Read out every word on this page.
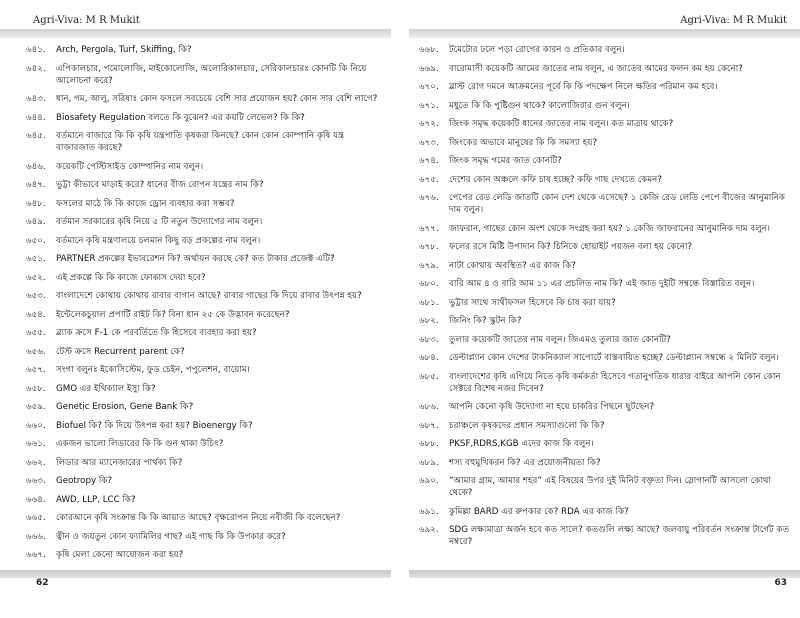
Agri-Viva: M R Mukit
৬৪১. Arch, Pergola, Turf, Skiffing, কি?
৬৪২. এপিকালচার, পমোলোজি, মাইকোলোজি, অলোরিকালচার, সেরিকালচারঃ কোনটি কি নিয়ে আলোচনা করে?
৬৪৩. ধান, গম, আলু, সরিষাঃ কোন ফসলে সবচেয়ে বেশি সার প্রয়োজন হয়? কোন সার বেশি লাগে?
৬৪৪. Biosafety Regulation বলতে কি বুঝেন? এর কয়টি লেভেল? কি কি?
৬৪৫. বর্তমানে বাজারে কি কি কৃষি যন্ত্রপাতি কৃষকরা কিনছে? কোন কোন কোম্পানি কৃষি যন্ত্র বাজারজাত করছে?
৬৪৬. কয়েকটি পেস্টিসাইড কোম্পানির নাম বলুন।
৬৪৭. ভুট্টা কীভাবে মাড়াই করে? ধানের বীজ রোপন যন্ত্রের নাম কি?
৬৪৮. ফসলের মাঠে কি কি কাজে ড্রোন ব্যবহার করা সম্ভব?
৬৪৯. বর্তমান সরকারের কৃষি নিয়ে ৫ টি নতুন উদ্যোগের নাম বলুন।
৬৫০. বর্তমানে কৃষি মন্ত্রণালয়ে চলমান কিছু বড় প্রকল্পের নাম বলুন।
৬৫১. PARTNER প্রকল্পের ইভাবরেশন কি? অর্থায়ন করছে কে? কত টাকার প্রজেক্ট এটি?
৬৫২. এই প্রকল্পে কি কি কাজে ফোকাস দেয়া হবে?
৬৫৩. বাংলাদেশে কোথায় কোথায় রাবার বাগান আছে? রাবার গাছের কি দিয়ে রাবার উৎপন্ন হয়?
৬৫৪. ইন্টেলেকচুয়াল প্রপার্টি রাইট কি? বিনা ধান ২৫ কে উদ্ভাবন করেছেন?
৬৫৫. ব্ল্যাক ক্রসে F-1 কে পরবর্তিতে কি হিসেবে ব্যবহার করা হয়?
৬৫৬. টেস্ট ক্রসে Recurrent parent কে?
৬৫৭. সংগা বলুনঃ ইকোসিস্টেম, ফুড চেইন, পপুলেশন, বায়োম।
৬৫৮. GMO এর ইথিক্যাল ইস্যু কি?
৬৫৯. Genetic Erosion, Gene Bank কি?
৬৬০. Biofuel কি? কি দিয়ে উৎপন্ন করা হয়? Bioenergy কি?
৬৬১. একজন ভালো লিডারের কি কি গুন থাকা উচিৎ?
৬৬২. লিডার আর ম্যানেজারের পার্থক্য কি?
৬৬৩. Geotropy কি?
৬৬৪. AWD, LLP, LCC কি?
৬৬৫. কোরআনে কৃষি সংক্রান্ত কি কি আয়াত আছে? বৃক্ষরোপন নিয়ে নবীজী কি বলেছেন?
৬৬৬. ত্বীন ও জয়তুন কোন ফ্যামিলির গাছ? এই গাছ কি কি উপকার করে?
৬৬৭. কৃষি মেলা কেনো আয়োজন করা হয়?
62
Agri-Viva: M R Mukit
৬৬৮. টমেটোর ঢলে পড়া রোগের কারন ও প্রতিকার বলুন।
৬৬৯. বারোমাসী কয়েকটি আমের জাতের নাম বলুন, এ জাতের আমের ফলন কম হয় কেনো?
৬৭০. ব্লাস্ট রোগ দমনে আক্রমনের পূর্বে কি কি পদক্ষেপ নিলে ক্ষতির পরিমান কম হবে।
৬৭১. মধুতে কি কি পুষ্টিগুন থাকে? কালোজিরার গুন বলুন।
৬৭২. জিংক সমৃদ্ধ কয়েকটি ধানের জাতের নাম বলুন। কত মাত্রায় থাকে?
৬৭৩. জিংকের অভাবে মানুষের কি কি সমস্যা হয়?
৬৭৪. জিংক সমৃদ্ধ গমের জাত কোনটি?
৬৭৫. দেশের কোন অঞ্চলে কফি চাষ হচ্ছে? কফি গাছ দেখতে কেমন?
৬৭৬. পেপের রেড লেডি জাতটি কোন দেশ থেকে এসেছে? ১ কেজি রেড লেডি পেপে বীজের আনুমানিক দাম বলুন।
৬৭৭. জাফরান, গাছের কোন অংশ থেকে সংগ্রহ করা হয়? ১ কেজি জাফরানের আনুমানিক দাম বলুন।
৬৭৮. ফলের রসে মিষ্টি উপাদান কি? চিনিকে হোয়াইট পয়জন বলা হয় কেনো?
৬৭৯. নাটা কোথায় অবস্থিত? এর কাজ কি?
৬৮০. বারি আম ৪ ও বারি আম ১১ এর প্রচলিত নাম কি? এই জাত দুইটি সম্বন্ধে বিস্তারিত বলুন।
৬৮১. ভুট্টার সাথে সাথীফসল হিসেবে কি চাষ করা যায়?
৬৮২. জিনিং কি? স্কুটন কি?
৬৮৩. তুলার কয়েকটি জাতের নাম বলুন। জিএমও তুলার জাত কোনটি?
৬৮৪. ডেল্টাপ্ল্যান কোন দেশের টাকনিক্যাল সাপোর্টে বাস্তবায়িত হচ্ছে? ডেল্টাপ্ল্যান সম্বন্ধে ২ মিনিট বলুন।
৬৮৫. বাংলাদেশের কৃষি এগিয়ে নিতে কৃষি কর্মকর্তা হিসেবে গতানুগতিক ধারার বাইরে আপনি কোন কোন সেক্টরে বিশেষ নজর দিবেন?
৬৮৬. আপনি কেনো কৃষি উদ্যোগা না হয়ে চাকরির পিছনে ছুটছেন?
৬৮৭. চরাঞ্চলে কৃষকদের প্রধান সমস্যাগুলো কি কি?
৬৮৮. PKSF,RDRS,KGB এদের কাজ কি বলুন।
৬৮৯. শস্য বহুমুখিকরন কি? এর প্রয়োজনীয়তা কি?
৬৯০. “আমার গ্রাম, আমার শহর” এই বিষয়ের উপর দুই মিনিট বক্তৃতা দিন। স্লোগানটি আসলো কোথা থেকে?
৬৯১. কুমিল্লা BARD এর রুপকার কে? RDA এর কাজ কি?
৬৯২. SDG লক্ষ্যমাত্রা অর্জন হবে কত সালে? কতগুলি লক্ষ্য আছে? জলবায়ু পরিবর্তন সংক্রান্ত টার্গেট কত নম্বরে?
63
